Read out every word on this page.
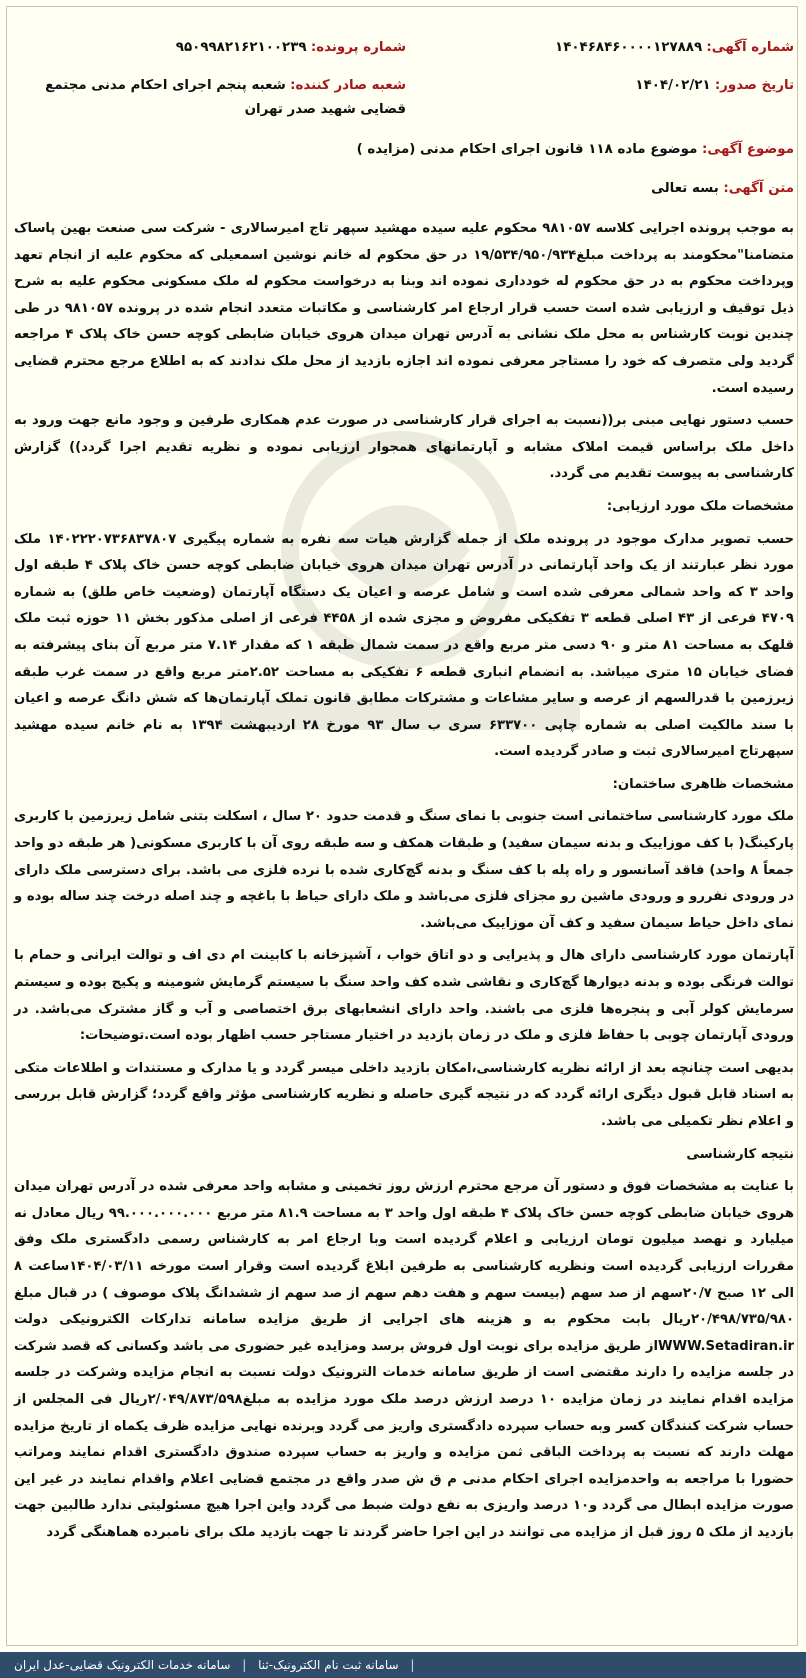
شماره آگهی: ۱۴۰۴۶۸۴۶۰۰۰۰۱۲۷۸۸۹
تاریخ صدور: ۱۴۰۴/۰۲/۲۱
شماره پرونده: ۹۵۰۹۹۸۲۱۶۲۱۰۰۲۳۹
شعبه صادر کننده: شعبه پنجم اجرای احکام مدنی مجتمع قضایی شهید صدر تهران
موضوع آگهی: موضوع ماده ۱۱۸ قانون اجرای احکام مدنی (مزایده )
متن آگهی: بسه تعالی

به موجب پرونده اجرایی کلاسه ۹۸۱۰۵۷ محکوم علیه سیده مهشید سپهر تاج امیرسالاری - شرکت سی صنعت بهین پاساک متضامنا"محکومند به پرداخت مبلغ۱۹/۵۳۴/۹۵۰/۹۳۴ در حق محکوم له خانم نوشین اسمعیلی که محکوم علیه از انجام تعهد وپرداخت محکوم به در حق محکوم له خودداری نموده اند وبنا به درخواست محکوم له ملک مسکونی محکوم علیه به شرح ذیل توقیف و ارزیابی شده است حسب قرار ارجاع امر کارشناسی و مکاتبات متعدد انجام شده در پرونده ۹۸۱۰۵۷ در طی چندین نوبت کارشناس به محل ملک نشانی به آدرس تهران میدان هروی خیابان ضابطی کوچه حسن خاک پلاک ۴ مراجعه گردید ولی متصرف که خود را مستاجر معرفی نموده اند اجازه بازدید از محل ملک ندادند که به اطلاع مرجع محترم قضایی رسیده است.

حسب دستور نهایی مبنی بر((نسبت به اجرای قرار کارشناسی در صورت عدم همکاری طرفین و وجود مانع جهت ورود به داخل ملک براساس قیمت املاک مشابه و آپارتمانهای همجوار ارزیابی نموده و نظریه تقدیم اجرا گردد)) گزارش کارشناسی به پیوست تقدیم می گردد.

مشخصات ملک مورد ارزیابی:

حسب تصویر مدارک موجود در پرونده ملک از جمله گزارش هیات سه نفره به شماره پیگیری ۱۴۰۲۲۲۰۷۳۶۸۳۷۸۰۷ ملک مورد نظر عبارتند از یک واحد آپارتمانی در آدرس تهران میدان هروی خیابان ضابطی کوچه حسن خاک پلاک ۴ طبقه اول واحد ۳ که واحد شمالی معرفی شده است و شامل عرصه و اعیان یک دستگاه آپارتمان (وضعیت خاص طلق) به شماره ۴۷۰۹ فرعی از ۴۳ اصلی قطعه ۳ تفکیکی مفروض و مجزی شده از ۴۴۵۸ فرعی از اصلی مذکور بخش ۱۱ حوزه ثبت ملک قلهک به مساحت ۸۱ متر و ۹۰ دسی متر مربع واقع در سمت شمال طبقه ۱ که مقدار ۷.۱۴ متر مربع آن بنای پیشرفته به فضای خیابان ۱۵ متری میباشد. به انضمام انباری قطعه ۶ تفکیکی به مساحت ۲.۵۲متر مربع واقع در سمت غرب طبقه زیرزمین با قدرالسهم از عرصه و سایر مشاعات و مشترکات مطابق قانون تملک آپارتمان‌ها که شش دانگ عرصه و اعیان با سند مالکیت اصلی به شماره چاپی ۶۳۳۷۰۰ سری ب سال ۹۳ مورخ ۲۸ اردیبهشت ۱۳۹۴ به نام خانم سیده مهشید سپهرتاج امیرسالاری ثبت و صادر گردیده است.

مشخصات ظاهری ساختمان:

ملک مورد کارشناسی ساختمانی است جنوبی با نمای سنگ و قدمت حدود ۲۰ سال ، اسکلت بتنی شامل زیرزمین با کاربری پارکینگ( با کف موزاییک و بدنه سیمان سفید) و طبقات همکف و سه طبقه روی آن با کاربری مسکونی( هر طبقه دو واحد جمعاً ۸ واحد) فاقد آسانسور و راه پله با کف سنگ و بدنه گچ‌کاری شده با نرده فلزی می باشد. برای دسترسی ملک دارای در ورودی نفررو و ورودی ماشین رو مجزای فلزی می‌باشد و ملک دارای حیاط با باغچه و چند اصله درخت چند ساله بوده و نمای داخل حیاط سیمان سفید و کف آن موزاییک می‌باشد.

آپارتمان مورد کارشناسی دارای هال و پذیرایی و دو اتاق خواب ، آشپزخانه با کابینت ام دی اف و توالت ایرانی و حمام با توالت فرنگی بوده و بدنه دیوارها گچ‌کاری و نقاشی شده کف واحد سنگ با سیستم گرمایش شومینه و پکیج بوده و سیستم سرمایش کولر آبی و پنجره‌ها فلزی می باشند. واحد دارای انشعابهای برق اختصاصی و آب و گاز مشترک می‌باشد. در ورودی آپارتمان چوبی با حفاظ فلزی و ملک در زمان بازدید در اختیار مستاجر حسب اظهار بوده است.توضیحات:

بدیهی است چنانچه بعد از ارائه نظریه کارشناسی،امکان بازدید داخلی میسر گردد و یا مدارک و مستندات و اطلاعات متکی به اسناد قابل قبول دیگری ارائه گردد که در نتیجه گیری حاصله و نظریه کارشناسی مؤثر واقع گردد؛ گزارش قابل بررسی و اعلام نظر تکمیلی می باشد.

نتیجه کارشناسی

با عنایت به مشخصات فوق و دستور آن مرجع محترم ارزش روز تخمینی و مشابه واحد معرفی شده در آدرس تهران میدان هروی خیابان ضابطی کوچه حسن خاک پلاک ۴ طبقه اول واحد ۳ به مساحت ۸۱.۹ متر مربع ۹۹.۰۰۰.۰۰۰.۰۰۰ ریال معادل نه میلیارد و نهصد میلیون تومان ارزیابی و اعلام گردیده است وبا ارجاع امر به کارشناس رسمی دادگستری ملک وفق مقررات ارزیابی گردیده است ونظریه کارشناسی به طرفین ابلاغ گردیده است وقرار است مورخه ۱۴۰۴/۰۳/۱۱ساعت ۸ الی ۱۲ صبح ۲۰/۷سهم از صد سهم (بیست سهم و هفت دهم سهم از صد سهم از ششدانگ پلاک موصوف ) در قبال مبلغ ۲۰/۴۹۸/۷۳۵/۹۸۰ریال بابت محکوم به و هزینه های اجرایی از طریق مزایده سامانه تدارکات الکترونیکی دولت WWW.Setadiran.irاز طریق مزایده برای نوبت اول فروش برسد ومزایده غیر حضوری می باشد وکسانی که قصد شرکت در جلسه مزایده را دارند مقتضی است از طریق سامانه خدمات الترونیک دولت نسبت به انجام مزایده وشرکت در جلسه مزایده اقدام نمایند در زمان مزایده ۱۰ درصد ارزش درصد ملک مورد مزایده به مبلغ۲/۰۴۹/۸۷۳/۵۹۸ریال فی المجلس از حساب شرکت کنندگان کسر وبه حساب سپرده دادگستری واریز می گردد وبرنده نهایی مزایده ظرف یکماه از تاریخ مزایده مهلت دارند که نسبت به پرداخت الباقی ثمن مزایده و واریز به حساب سپرده صندوق دادگستری اقدام نمایند ومراتب حضورا با مراجعه به واحدمزایده اجرای احکام مدنی م ق ش صدر واقع در مجتمع قضایی اعلام واقدام نمایند در غیر این صورت مزایده ابطال می گردد و۱۰ درصد واریزی به نفع دولت ضبط می گردد واین اجرا هیچ مسئولیتی ندارد طالبین جهت بازدید از ملک ۵ روز قبل از مزایده می توانند در این اجرا حاضر گردند تا جهت بازدید ملک برای نامبرده هماهنگی گردد

| سامانه ثبت نام الکترونیک-ثنا | سامانه خدمات الکترونیک قضایی-عدل ایران
